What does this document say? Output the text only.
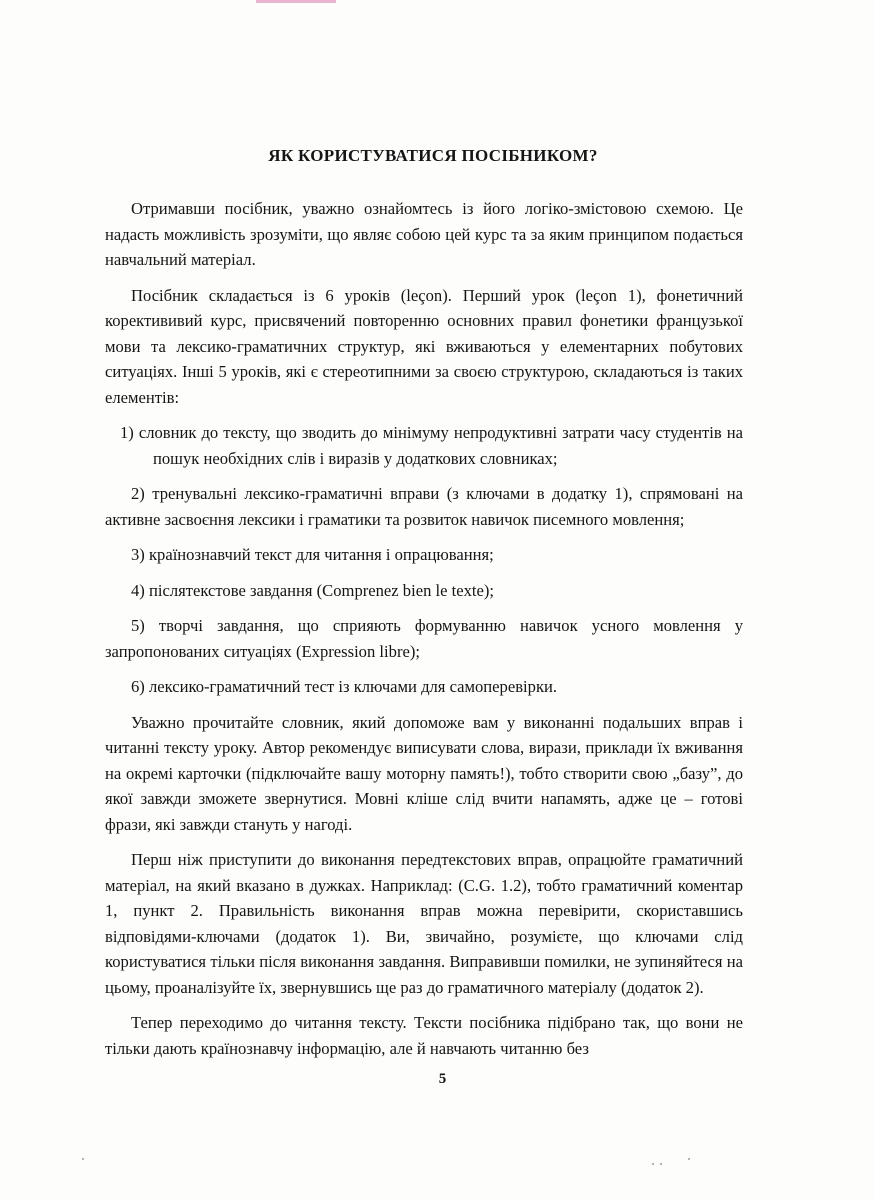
ЯК КОРИСТУВАТИСЯ ПОСІБНИКОМ?

Отримавши посібник, уважно ознайомтесь із його логіко-змістовою схемою. Це надасть можливість зрозуміти, що являє собою цей курс та за яким принципом подається навчальний матеріал.

Посібник складається із 6 уроків (leçon). Перший урок (leçon 1), фонетичний коректививий курс, присвячений повторенню основних правил фонетики французької мови та лексико-граматичних структур, які вживаються у елементарних побутових ситуаціях. Інші 5 уроків, які є стереотипними за своєю структурою, складаються із таких елементів:

1) словник до тексту, що зводить до мінімуму непродуктивні затрати часу студентів на пошук необхідних слів і виразів у додаткових словниках;

2) тренувальні лексико-граматичні вправи (з ключами в додатку 1), спрямовані на активне засвоєння лексики і граматики та розвиток навичок писемного мовлення;

3) країнознавчий текст для читання і опрацювання;

4) післятекстове завдання (Comprenez bien le texte);

5) творчі завдання, що сприяють формуванню навичок усного мовлення у запропонованих ситуаціях (Expression libre);

6) лексико-граматичний тест із ключами для самоперевірки.

Уважно прочитайте словник, який допоможе вам у виконанні подальших вправ і читанні тексту уроку. Автор рекомендує виписувати слова, вирази, приклади їх вживання на окремі карточки (підключайте вашу моторну память!), тобто створити свою „базу”, до якої завжди зможете звернутися. Мовні кліше слід вчити напамять, адже це – готові фрази, які завжди стануть у нагоді.

Перш ніж приступити до виконання передтекстових вправ, опрацюйте граматичний матеріал, на який вказано в дужках. Наприклад: (C.G. 1.2), тобто граматичний коментар 1, пункт 2. Правильність виконання вправ можна перевірити, скориставшись відповідями-ключами (додаток 1). Ви, звичайно, розумієте, що ключами слід користуватися тільки після виконання завдання. Виправивши помилки, не зупиняйтеся на цьому, проаналізуйте їх, звернувшись ще раз до граматичного матеріалу (додаток 2).

Тепер переходимо до читання тексту. Тексти посібника підібрано так, що вони не тільки дають країнознавчу інформацію, але й навчають читанню без

5
